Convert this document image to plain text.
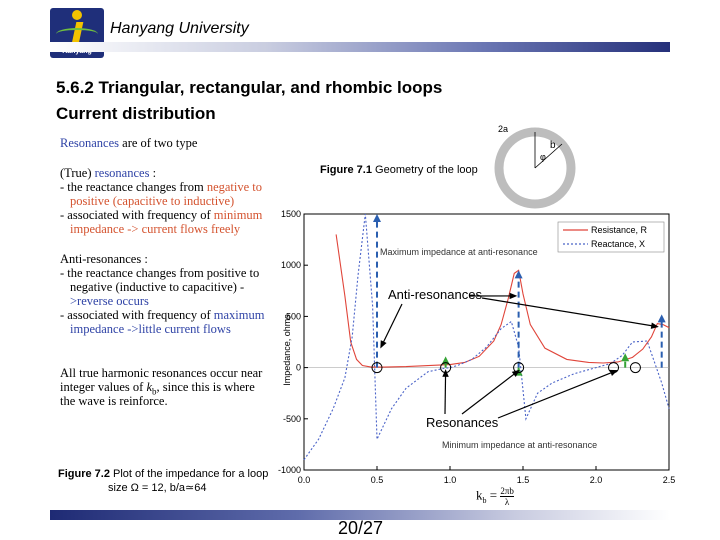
Hanyang University
5.6.2 Triangular, rectangular, and rhombic loops
Current distribution
Resonances are of two type
(True) resonances :
- the reactance changes from negative to
positive (capacitive to inductive)
- associated with frequency of minimum
impedance -> current flows freely
Anti-resonances :
- the reactance changes from positive to
negative (inductive to capacitive) -
>reverse occurs
- associated with frequency of maximum
impedance ->little current flows
All true harmonic resonances occur near
integer values of $k_b$, since this is where
the wave is reinforce.
Figure 7.1 Geometry of the loop
2a
b
φ
0.0	0.5	1.0	1.5	2.0	2.5
-1000
-500
0
500
1000
1500
Impedance, ohms
Resistance, R
Reactance, X
Maximum impedance at anti-resonance
Minimum impedance at anti-resonance
Anti-resonances
Resonances
Figure 7.2 Plot of the impedance for a loop
size Ω = 12, b/a≃64	$k_b = \frac{2\pi b}{\lambda}$
20/27
